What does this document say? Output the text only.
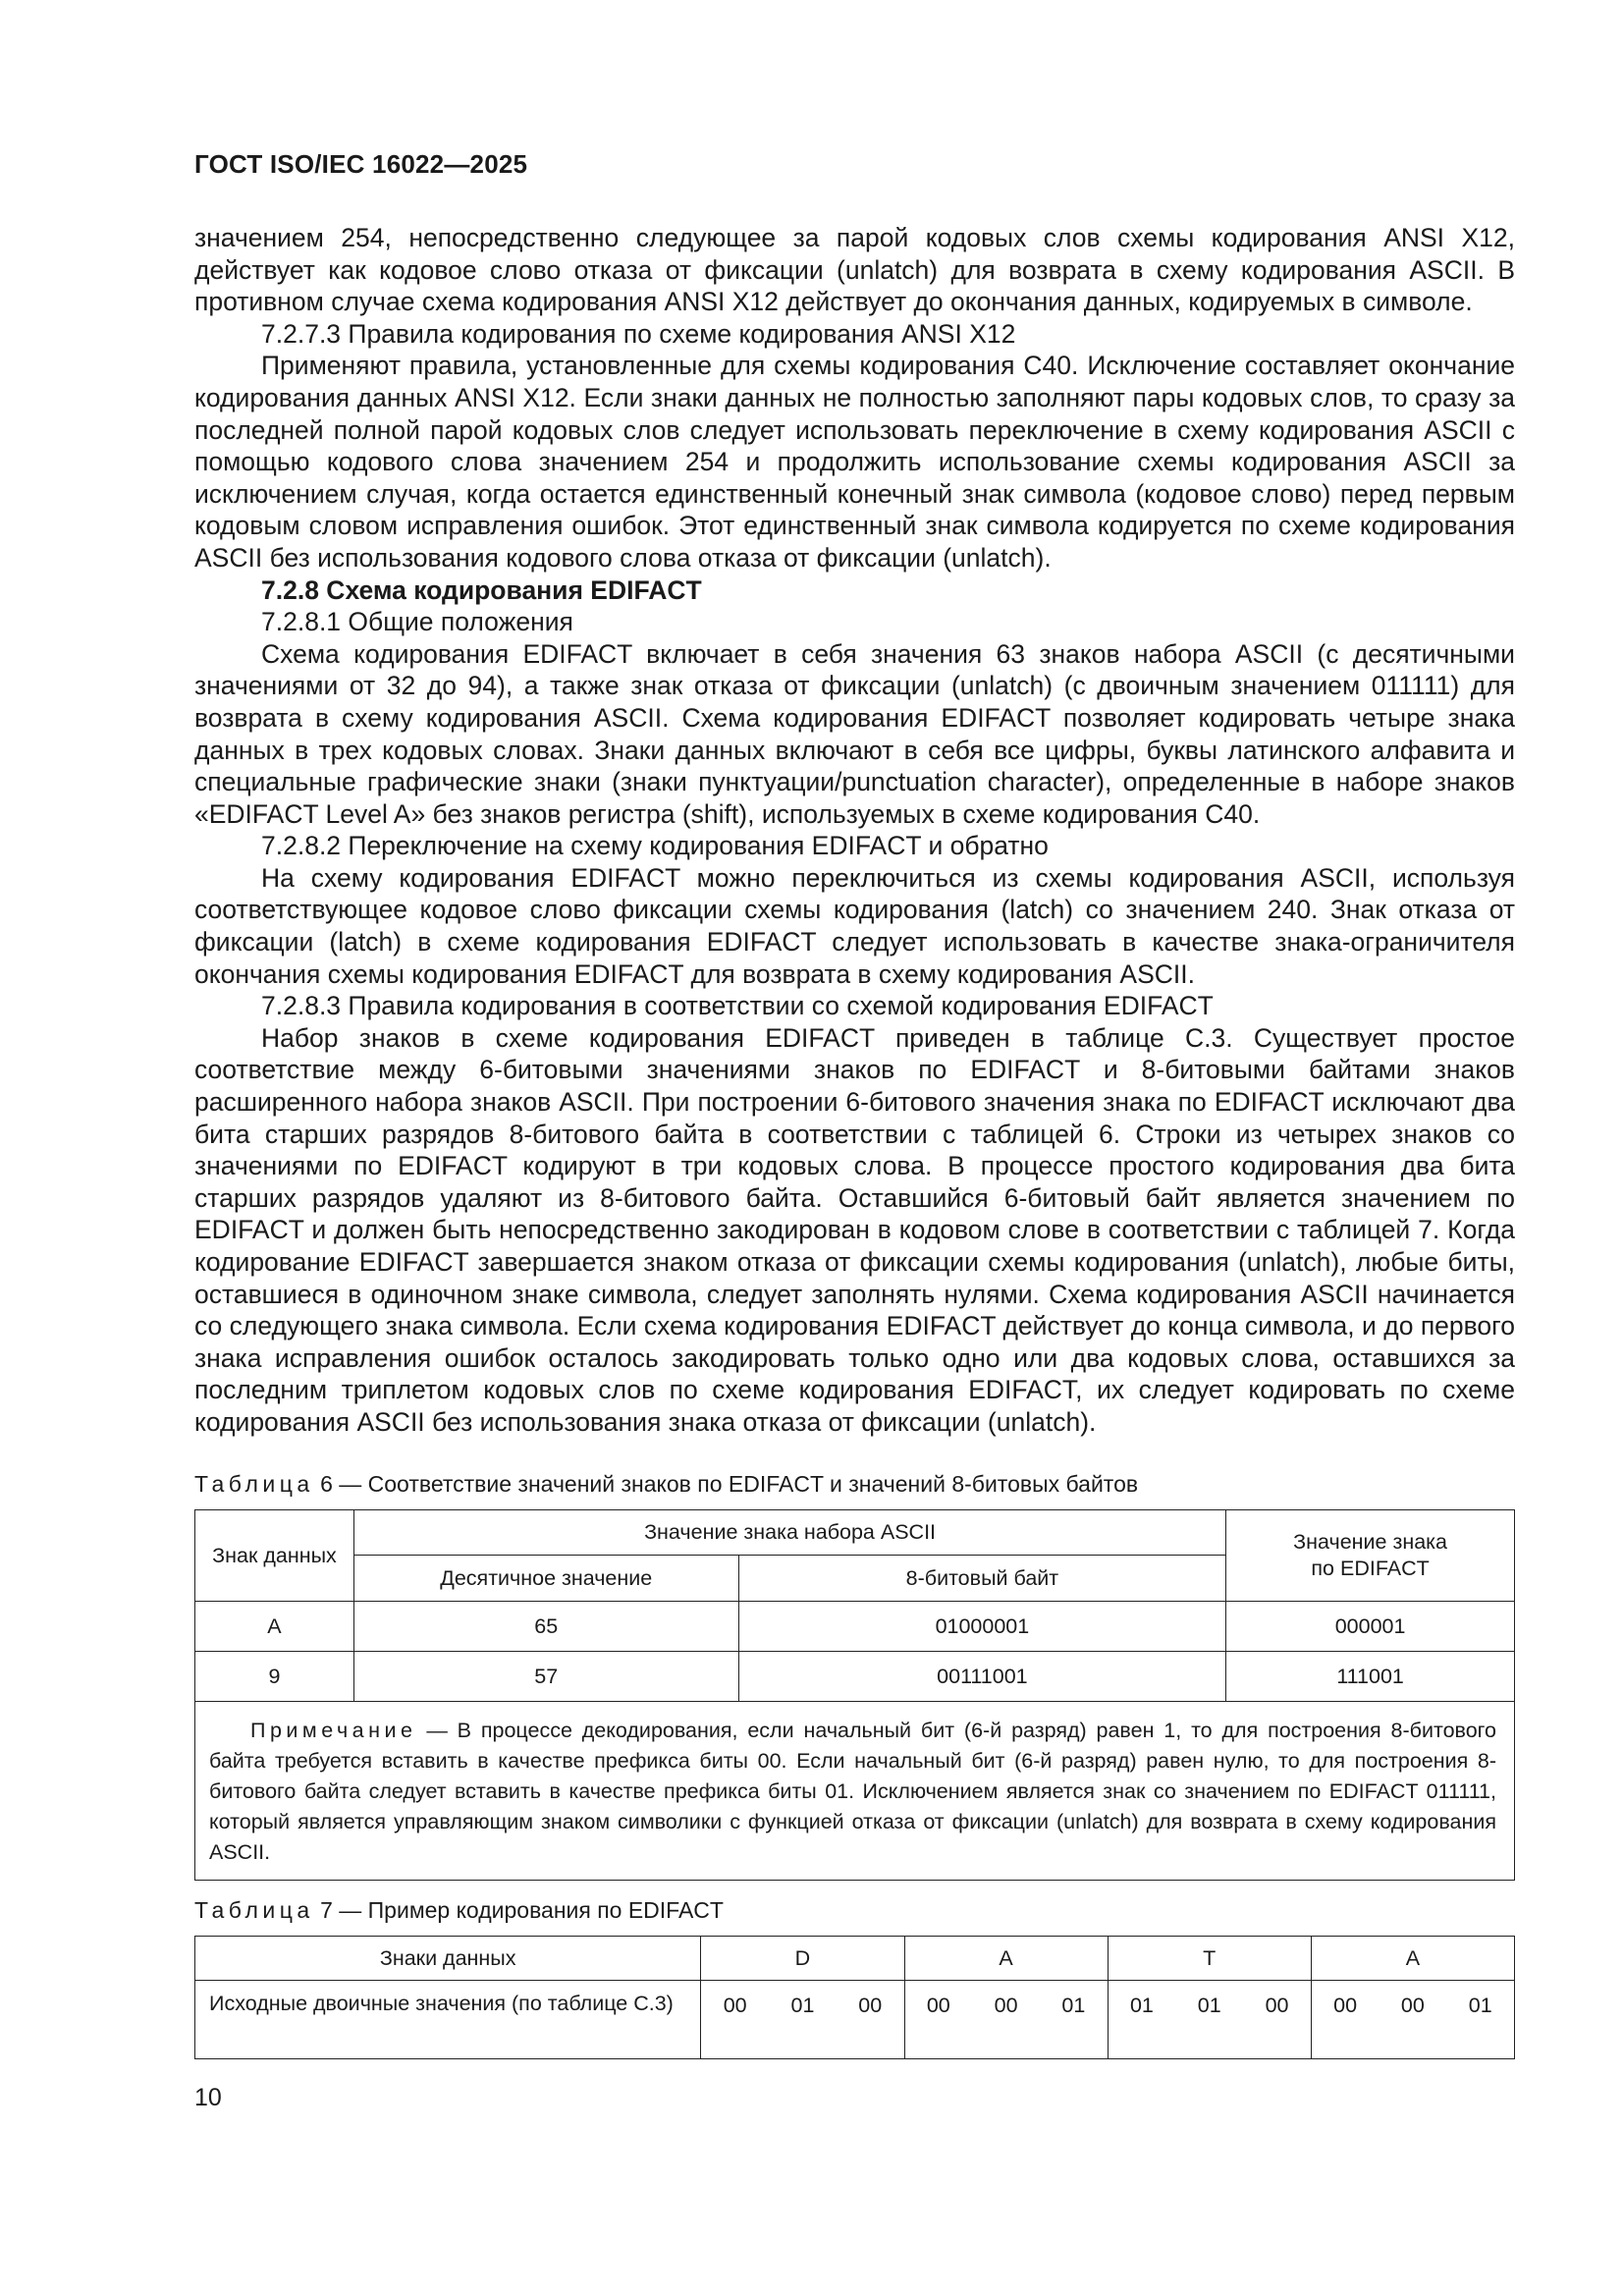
ГОСТ ISO/IEC 16022—2025

значением 254, непосредственно следующее за парой кодовых слов схемы кодирования ANSI X12, действует как кодовое слово отказа от фиксации (unlatch) для возврата в схему кодирования ASCII. В противном случае схема кодирования ANSI X12 действует до окончания данных, кодируемых в символе.

7.2.7.3 Правила кодирования по схеме кодирования ANSI X12

Применяют правила, установленные для схемы кодирования C40. Исключение составляет окончание кодирования данных ANSI X12. Если знаки данных не полностью заполняют пары кодовых слов, то сразу за последней полной парой кодовых слов следует использовать переключение в схему кодирования ASCII с помощью кодового слова значением 254 и продолжить использование схемы кодирования ASCII за исключением случая, когда остается единственный конечный знак символа (кодовое слово) перед первым кодовым словом исправления ошибок. Этот единственный знак символа кодируется по схеме кодирования ASCII без использования кодового слова отказа от фиксации (unlatch).

7.2.8 Схема кодирования EDIFACT

7.2.8.1 Общие положения

Схема кодирования EDIFACT включает в себя значения 63 знаков набора ASCII (с десятичными значениями от 32 до 94), а также знак отказа от фиксации (unlatch) (с двоичным значением 011111) для возврата в схему кодирования ASCII. Схема кодирования EDIFACT позволяет кодировать четыре знака данных в трех кодовых словах. Знаки данных включают в себя все цифры, буквы латинского алфавита и специальные графические знаки (знаки пунктуации/punctuation character), определенные в наборе знаков «EDIFACT Level A» без знаков регистра (shift), используемых в схеме кодирования C40.

7.2.8.2 Переключение на схему кодирования EDIFACT и обратно

На схему кодирования EDIFACT можно переключиться из схемы кодирования ASCII, используя соответствующее кодовое слово фиксации схемы кодирования (latch) со значением 240. Знак отказа от фиксации (latch) в схеме кодирования EDIFACT следует использовать в качестве знака-ограничителя окончания схемы кодирования EDIFACT для возврата в схему кодирования ASCII.

7.2.8.3 Правила кодирования в соответствии со схемой кодирования EDIFACT

Набор знаков в схеме кодирования EDIFACT приведен в таблице C.3. Существует простое соответствие между 6-битовыми значениями знаков по EDIFACT и 8-битовыми байтами знаков расширенного набора знаков ASCII. При построении 6-битового значения знака по EDIFACT исключают два бита старших разрядов 8-битового байта в соответствии с таблицей 6. Строки из четырех знаков со значениями по EDIFACT кодируют в три кодовых слова. В процессе простого кодирования два бита старших разрядов удаляют из 8-битового байта. Оставшийся 6-битовый байт является значением по EDIFACT и должен быть непосредственно закодирован в кодовом слове в соответствии с таблицей 7. Когда кодирование EDIFACT завершается знаком отказа от фиксации схемы кодирования (unlatch), любые биты, оставшиеся в одиночном знаке символа, следует заполнять нулями. Схема кодирования ASCII начинается со следующего знака символа. Если схема кодирования EDIFACT действует до конца символа, и до первого знака исправления ошибок осталось закодировать только одно или два кодовых слова, оставшихся за последним триплетом кодовых слов по схеме кодирования EDIFACT, их следует кодировать по схеме кодирования ASCII без использования знака отказа от фиксации (unlatch).

Таблица 6 — Соответствие значений знаков по EDIFACT и значений 8-битовых байтов
Знак данных	Значение знака набора ASCII		Значение знака
по EDIFACT

	Десятичное значение	8-битовый байт	
A	65	01000001	000001
9	57	00111001	111001
Примечание — В процессе декодирования, если начальный бит (6-й разряд) равен 1, то для построения 8-битового байта требуется вставить в качестве префикса биты 00. Если начальный бит (6-й разряд) равен нулю, то для построения 8-битового байта следует вставить в качестве префикса биты 01. Исключением является знак со значением по EDIFACT 011111, который является управляющим знаком символики с функцией отказа от фиксации (unlatch) для возврата в схему кодирования ASCII.			
Таблица 7 — Пример кодирования по EDIFACT
Знаки данных	D			A			T			A		
Исходные двоичные значения (по таблице C.3)	00	01	00	00	00	01	01	01	00	00	00	01
10
